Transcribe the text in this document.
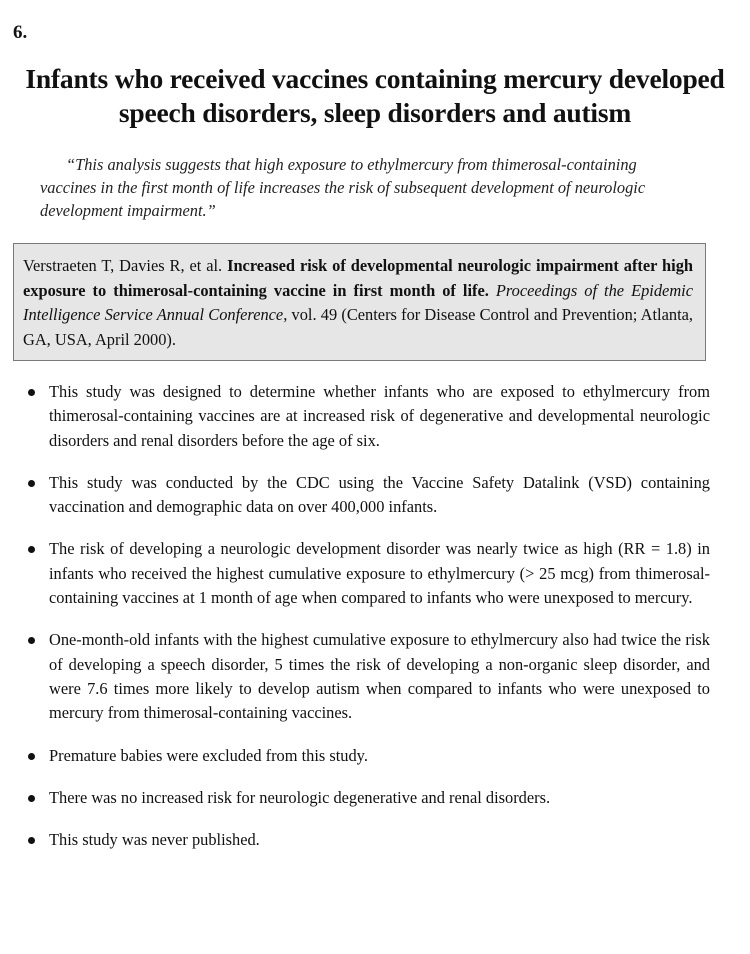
6.

Infants who received vaccines containing mercury developed speech disorders, sleep disorders and autism

“This analysis suggests that high exposure to ethylmercury from thimerosal-containing vaccines in the first month of life increases the risk of subsequent development of neurologic development impairment.”

Verstraeten T, Davies R, et al. Increased risk of developmental neurologic impairment after high exposure to thimerosal-containing vaccine in first month of life. Proceedings of the Epidemic Intelligence Service Annual Conference, vol. 49 (Centers for Disease Control and Prevention; Atlanta, GA, USA, April 2000).

This study was designed to determine whether infants who are exposed to ethylmercury from thimerosal-containing vaccines are at increased risk of degenerative and developmental neurologic disorders and renal disorders before the age of six.
This study was conducted by the CDC using the Vaccine Safety Datalink (VSD) containing vaccination and demographic data on over 400,000 infants.
The risk of developing a neurologic development disorder was nearly twice as high (RR = 1.8) in infants who received the highest cumulative exposure to ethylmercury (> 25 mcg) from thimerosal-containing vaccines at 1 month of age when compared to infants who were unexposed to mercury.
One-month-old infants with the highest cumulative exposure to ethylmercury also had twice the risk of developing a speech disorder, 5 times the risk of developing a non-organic sleep disorder, and were 7.6 times more likely to develop autism when compared to infants who were unexposed to mercury from thimerosal-containing vaccines.
Premature babies were excluded from this study.
There was no increased risk for neurologic degenerative and renal disorders.
This study was never published.
